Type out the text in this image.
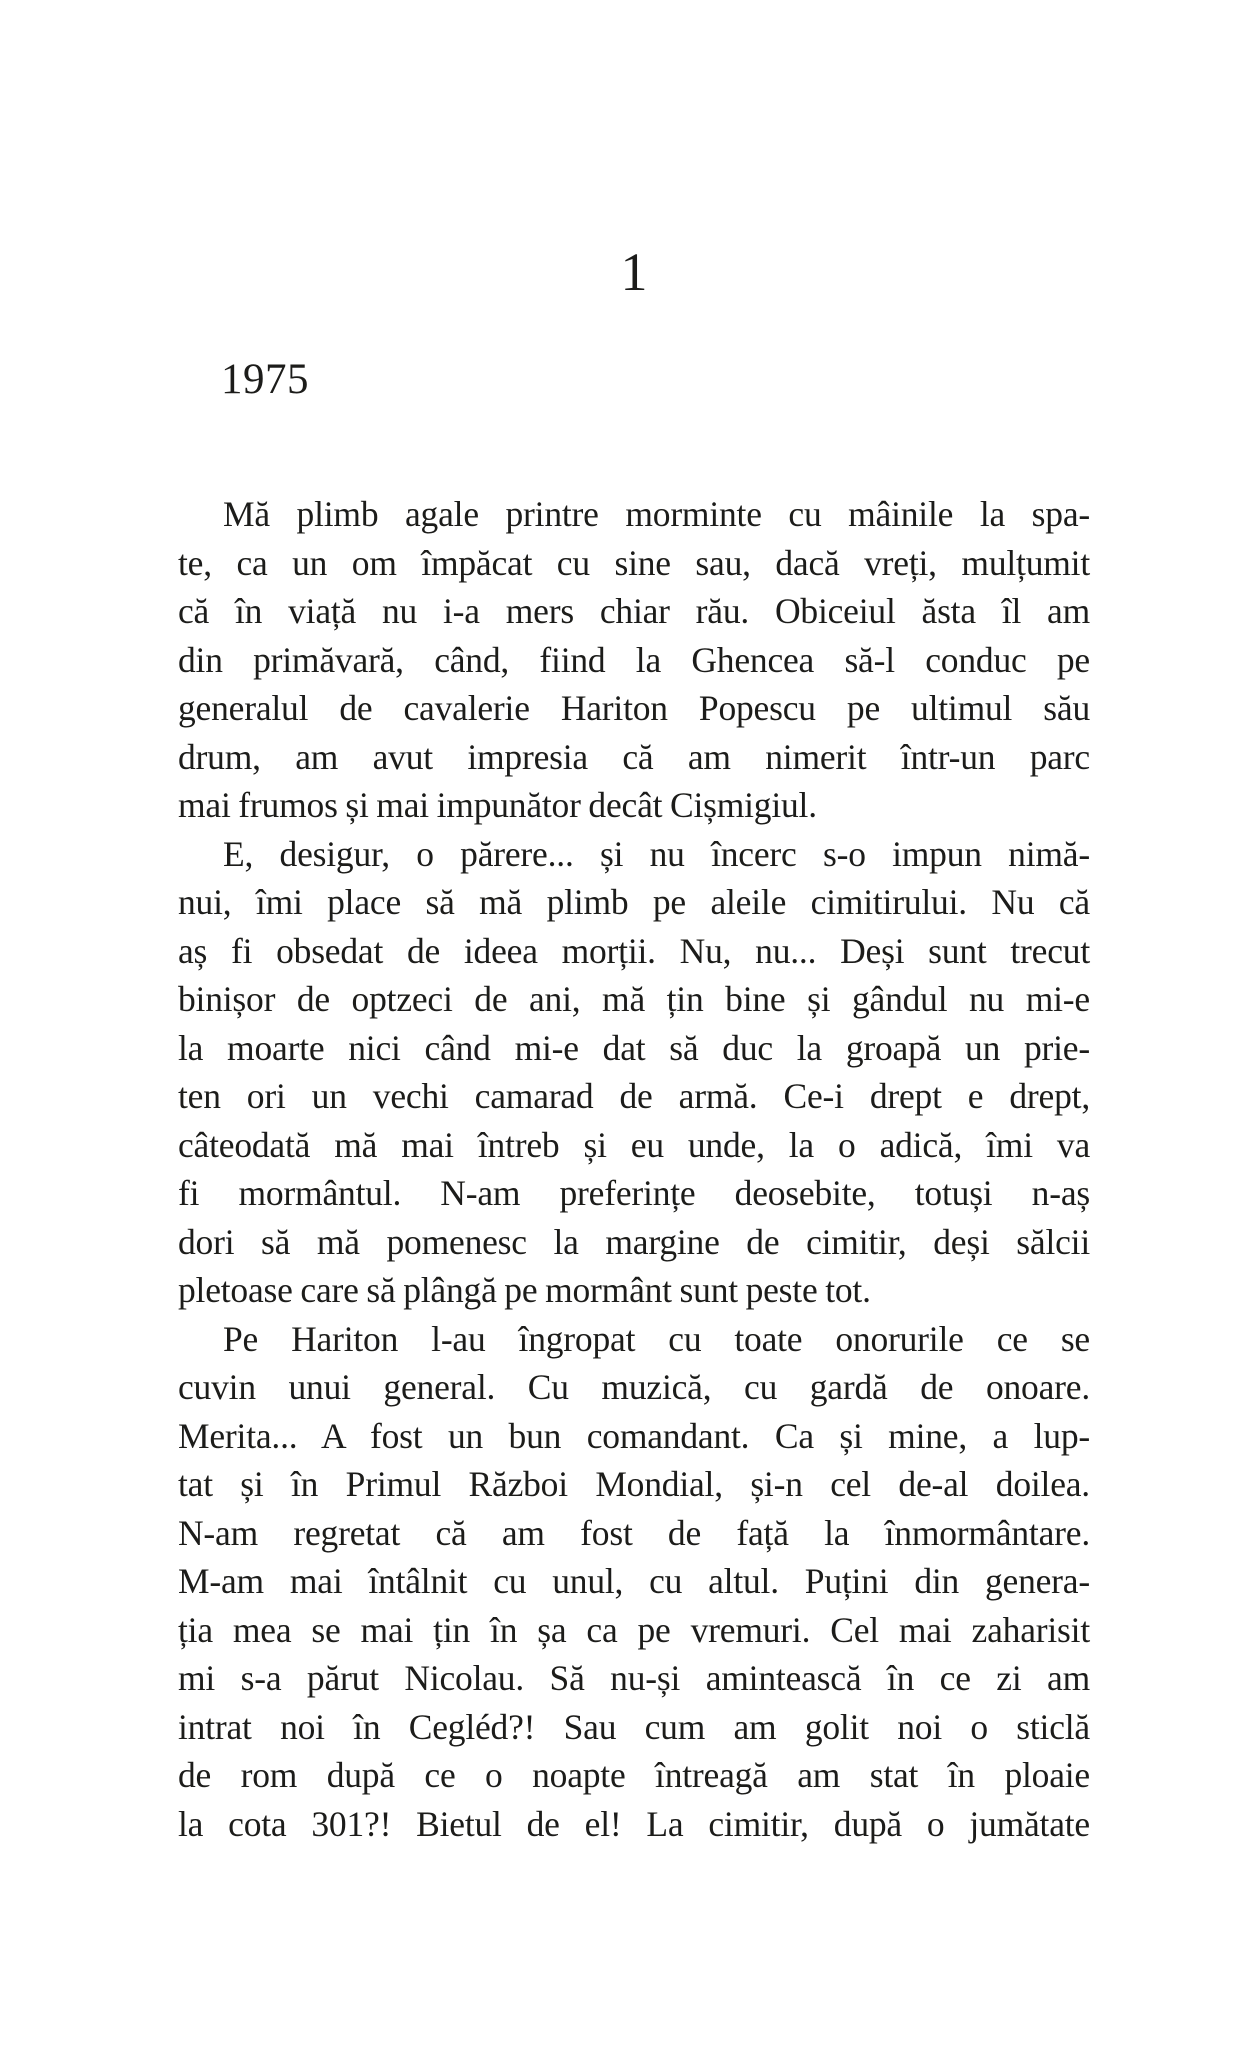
1
1975
Mă plimb agale printre morminte cu mâinile la spa-
te, ca un om împăcat cu sine sau, dacă vreți, mulțumit
că în viață nu i-a mers chiar rău. Obiceiul ăsta îl am
din primăvară, când, fiind la Ghencea să-l conduc pe
generalul de cavalerie Hariton Popescu pe ultimul său
drum, am avut impresia că am nimerit într-un parc
mai frumos și mai impunător decât Cișmigiul.
E, desigur, o părere... și nu încerc s-o impun nimă-
nui, îmi place să mă plimb pe aleile cimitirului. Nu că
aș fi obsedat de ideea morții. Nu, nu... Deși sunt trecut
binișor de optzeci de ani, mă țin bine și gândul nu mi-e
la moarte nici când mi-e dat să duc la groapă un prie-
ten ori un vechi camarad de armă. Ce-i drept e drept,
câteodată mă mai întreb și eu unde, la o adică, îmi va
fi mormântul. N-am preferințe deosebite, totuși n-aș
dori să mă pomenesc la margine de cimitir, deși sălcii
pletoase care să plângă pe mormânt sunt peste tot.
Pe Hariton l-au îngropat cu toate onorurile ce se
cuvin unui general. Cu muzică, cu gardă de onoare.
Merita... A fost un bun comandant. Ca și mine, a lup-
tat și în Primul Război Mondial, și-n cel de-al doilea.
N-am regretat că am fost de față la înmormântare.
M-am mai întâlnit cu unul, cu altul. Puțini din genera-
ția mea se mai țin în șa ca pe vremuri. Cel mai zaharisit
mi s-a părut Nicolau. Să nu-și amintească în ce zi am
intrat noi în Cegléd?! Sau cum am golit noi o sticlă
de rom după ce o noapte întreagă am stat în ploaie
la cota 301?! Bietul de el! La cimitir, după o jumătate
